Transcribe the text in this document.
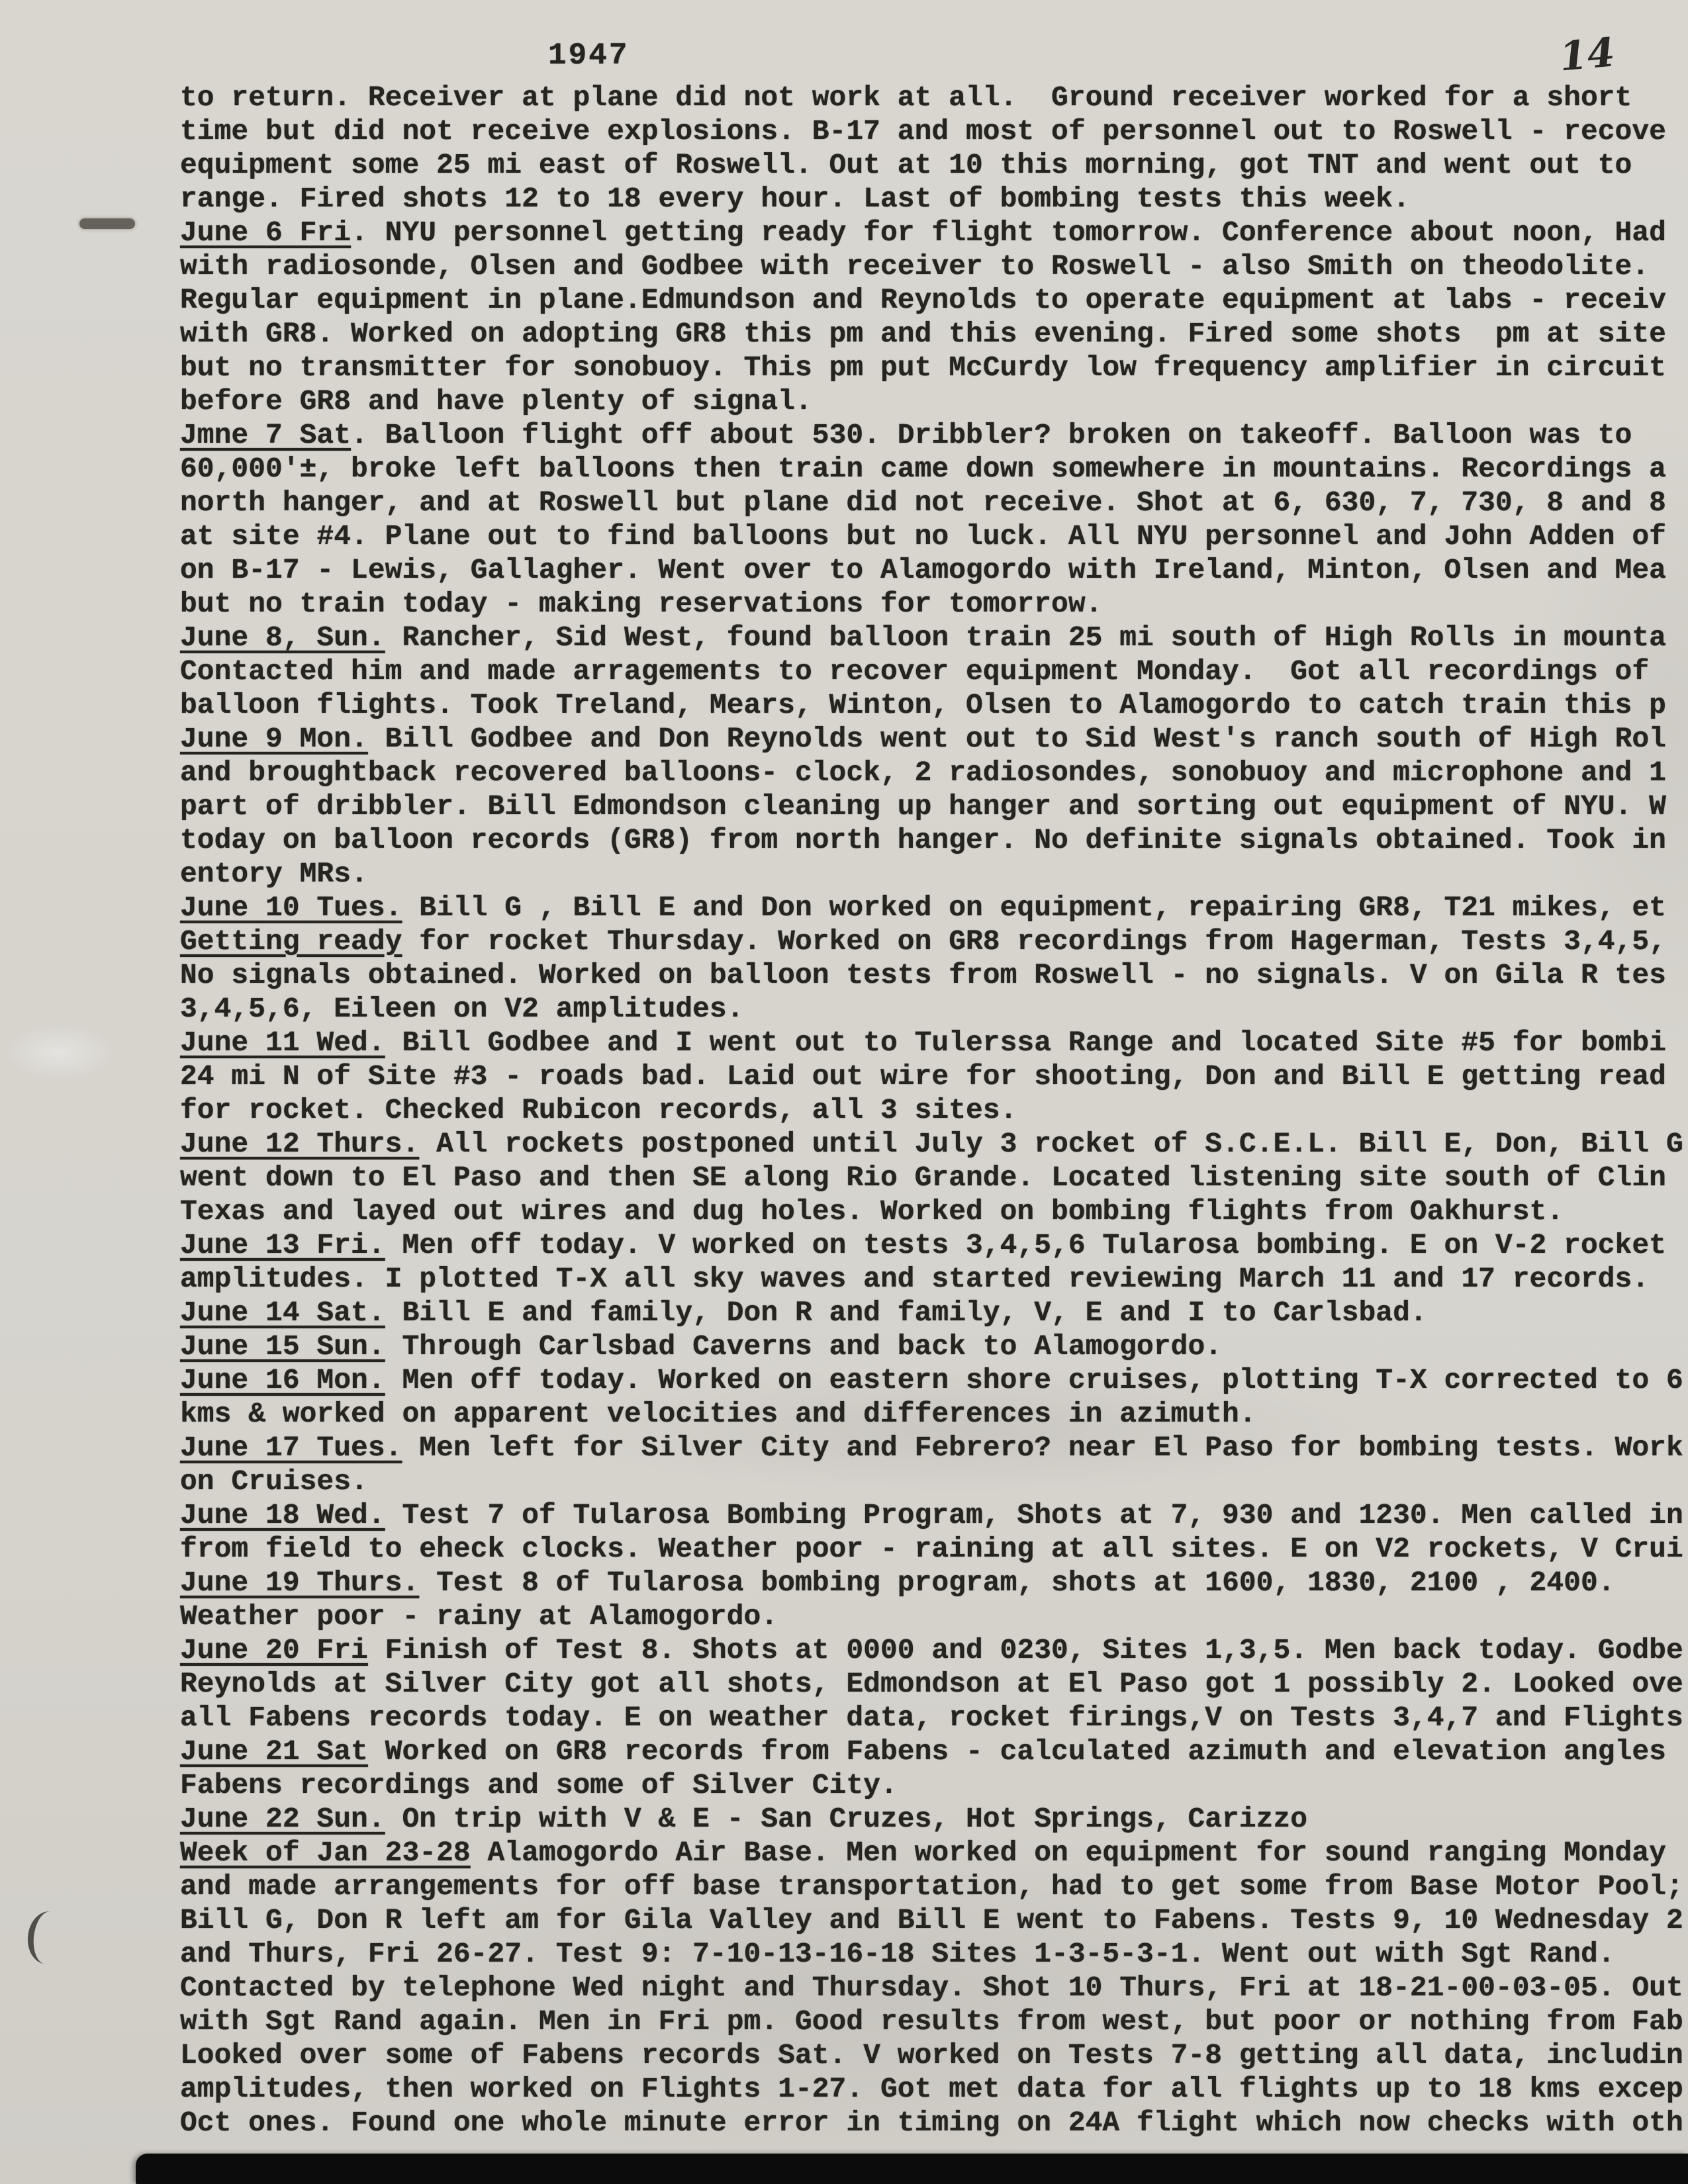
1947	14
to return. Receiver at plane did not work at all.  Ground receiver worked for a short
time but did not receive explosions. B-17 and most of personnel out to Roswell - recove
equipment some 25 mi east of Roswell. Out at 10 this morning, got TNT and went out to
range. Fired shots 12 to 18 every hour. Last of bombing tests this week.
June 6 Fri. NYU personnel getting ready for flight tomorrow. Conference about noon, Had
with radiosonde, Olsen and Godbee with receiver to Roswell - also Smith on theodolite.
Regular equipment in plane.Edmundson and Reynolds to operate equipment at labs - receiv
with GR8. Worked on adopting GR8 this pm and this evening. Fired some shots  pm at site
but no transmitter for sonobuoy. This pm put McCurdy low frequency amplifier in circuit
before GR8 and have plenty of signal.
Jmne 7 Sat. Balloon flight off about 530. Dribbler? broken on takeoff. Balloon was to
60,000'±, broke left balloons then train came down somewhere in mountains. Recordings a
north hanger, and at Roswell but plane did not receive. Shot at 6, 630, 7, 730, 8 and 8
at site #4. Plane out to find balloons but no luck. All NYU personnel and John Adden of
on B-17 - Lewis, Gallagher. Went over to Alamogordo with Ireland, Minton, Olsen and Mea
but no train today - making reservations for tomorrow.
June 8, Sun. Rancher, Sid West, found balloon train 25 mi south of High Rolls in mounta
Contacted him and made arragements to recover equipment Monday.  Got all recordings of
balloon flights. Took Treland, Mears, Winton, Olsen to Alamogordo to catch train this p
June 9 Mon. Bill Godbee and Don Reynolds went out to Sid West's ranch south of High Rol
and broughtback recovered balloons- clock, 2 radiosondes, sonobuoy and microphone and 1
part of dribbler. Bill Edmondson cleaning up hanger and sorting out equipment of NYU. W
today on balloon records (GR8) from north hanger. No definite signals obtained. Took in
entory MRs.
June 10 Tues. Bill G , Bill E and Don worked on equipment, repairing GR8, T21 mikes, et
Getting ready for rocket Thursday. Worked on GR8 recordings from Hagerman, Tests 3,4,5,
No signals obtained. Worked on balloon tests from Roswell - no signals. V on Gila R tes
3,4,5,6, Eileen on V2 amplitudes.
June 11 Wed. Bill Godbee and I went out to Tulerssa Range and located Site #5 for bombi
24 mi N of Site #3 - roads bad. Laid out wire for shooting, Don and Bill E getting read
for rocket. Checked Rubicon records, all 3 sites.
June 12 Thurs. All rockets postponed until July 3 rocket of S.C.E.L. Bill E, Don, Bill G
went down to El Paso and then SE along Rio Grande. Located listening site south of Clin
Texas and layed out wires and dug holes. Worked on bombing flights from Oakhurst.
June 13 Fri. Men off today. V worked on tests 3,4,5,6 Tularosa bombing. E on V-2 rocket
amplitudes. I plotted T-X all sky waves and started reviewing March 11 and 17 records.
June 14 Sat. Bill E and family, Don R and family, V, E and I to Carlsbad.
June 15 Sun. Through Carlsbad Caverns and back to Alamogordo.
June 16 Mon. Men off today. Worked on eastern shore cruises, plotting T-X corrected to 6
kms & worked on apparent velocities and differences in azimuth.
June 17 Tues. Men left for Silver City and Febrero? near El Paso for bombing tests. Work
on Cruises.
June 18 Wed. Test 7 of Tularosa Bombing Program, Shots at 7, 930 and 1230. Men called in
from field to eheck clocks. Weather poor - raining at all sites. E on V2 rockets, V Crui
June 19 Thurs. Test 8 of Tularosa bombing program, shots at 1600, 1830, 2100 , 2400.
Weather poor - rainy at Alamogordo.
June 20 Fri Finish of Test 8. Shots at 0000 and 0230, Sites 1,3,5. Men back today. Godbe
Reynolds at Silver City got all shots, Edmondson at El Paso got 1 possibly 2. Looked ove
all Fabens records today. E on weather data, rocket firings,V on Tests 3,4,7 and Flights
June 21 Sat Worked on GR8 records from Fabens - calculated azimuth and elevation angles
Fabens recordings and some of Silver City.
June 22 Sun. On trip with V & E - San Cruzes, Hot Springs, Carizzo
Week of Jan 23-28 Alamogordo Air Base. Men worked on equipment for sound ranging Monday
and made arrangements for off base transportation, had to get some from Base Motor Pool;
Bill G, Don R left am for Gila Valley and Bill E went to Fabens. Tests 9, 10 Wednesday 2
and Thurs, Fri 26-27. Test 9: 7-10-13-16-18 Sites 1-3-5-3-1. Went out with Sgt Rand.
Contacted by telephone Wed night and Thursday. Shot 10 Thurs, Fri at 18-21-00-03-05. Out
with Sgt Rand again. Men in Fri pm. Good results from west, but poor or nothing from Fab
Looked over some of Fabens records Sat. V worked on Tests 7-8 getting all data, includin
amplitudes, then worked on Flights 1-27. Got met data for all flights up to 18 kms excep
Oct ones. Found one whole minute error in timing on 24A flight which now checks with oth
